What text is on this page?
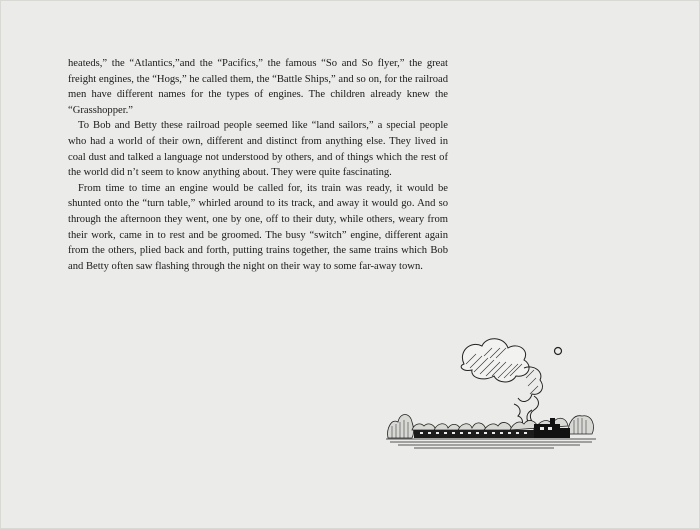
heateds,” the “Atlantics,”and the “Pacifics,” the famous “So and So flyer,” the great freight engines, the “Hogs,” he called them, the “Battle Ships,” and so on, for the railroad men have different names for the types of engines. The children already knew the “Grasshopper.”

To Bob and Betty these railroad people seemed like “land sailors,” a special people who had a world of their own, different and distinct from anything else. They lived in coal dust and talked a language not understood by others, and of things which the rest of the world did n’t seem to know anything about. They were quite fascinating.

From time to time an engine would be called for, its train was ready, it would be shunted onto the “turn table,” whirled around to its track, and away it would go. And so through the afternoon they went, one by one, off to their duty, while others, weary from their work, came in to rest and be groomed. The busy “switch” engine, different again from the others, plied back and forth, putting trains together, the same trains which Bob and Betty often saw flashing through the night on their way to some far-away town.
